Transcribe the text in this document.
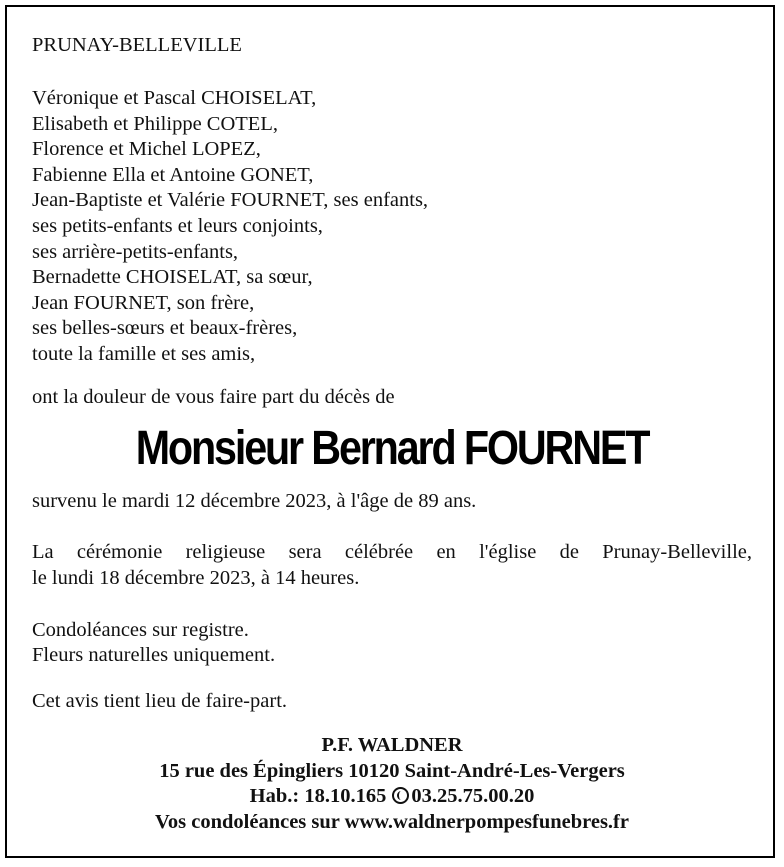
PRUNAY-BELLEVILLE
Véronique et Pascal CHOISELAT,
Elisabeth et Philippe COTEL,
Florence et Michel LOPEZ,
Fabienne Ella et Antoine GONET,
Jean-Baptiste et Valérie FOURNET, ses enfants,
ses petits-enfants et leurs conjoints,
ses arrière-petits-enfants,
Bernadette CHOISELAT, sa sœur,
Jean FOURNET, son frère,
ses belles-sœurs et beaux-frères,
toute la famille et ses amis,
ont la douleur de vous faire part du décès de
Monsieur Bernard FOURNET
survenu le mardi 12 décembre 2023, à l'âge de 89 ans.
La cérémonie religieuse sera célébrée en l'église de Prunay-Belleville,
le lundi 18 décembre 2023, à 14 heures.
Condoléances sur registre.
Fleurs naturelles uniquement.
Cet avis tient lieu de faire-part.
P.F. WALDNER
15 rue des Épingliers 10120 Saint-André-Les-Vergers
Hab.: 18.10.165 03.25.75.00.20
Vos condoléances sur www.waldnerpompesfunebres.fr
